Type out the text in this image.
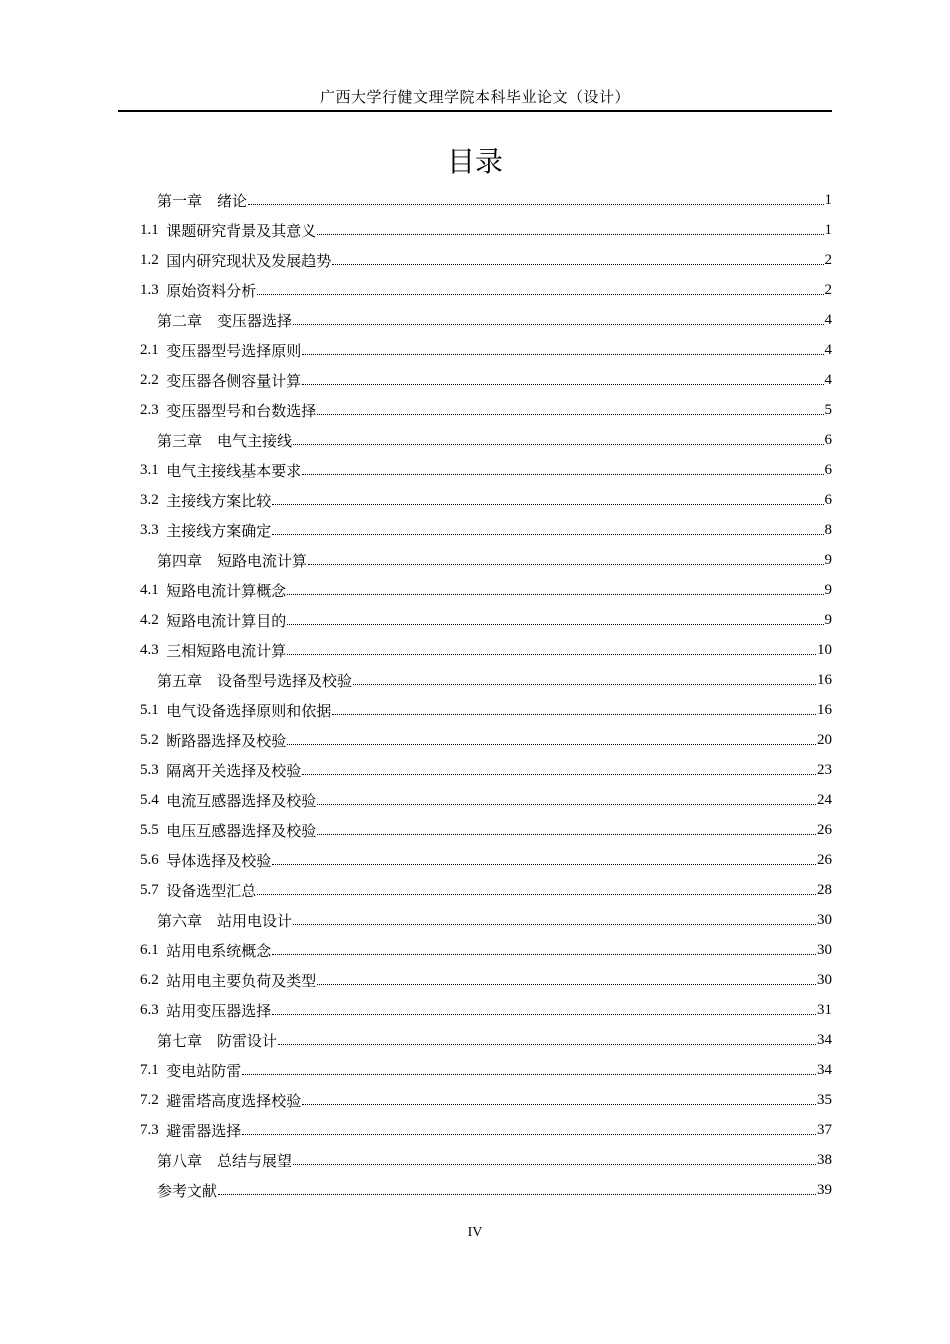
广西大学行健文理学院本科毕业论文（设计）
目录
第一章　 绪论	1
1.1 课题研究背景及其意义	1
1.2 国内研究现状及发展趋势	2
1.3 原始资料分析	2
第二章　 变压器选择	4
2.1 变压器型号选择原则	4
2.2 变压器各侧容量计算	4
2.3 变压器型号和台数选择	5
第三章　 电气主接线	6
3.1 电气主接线基本要求	6
3.2 主接线方案比较	6
3.3 主接线方案确定	8
第四章　 短路电流计算	9
4.1 短路电流计算概念	9
4.2 短路电流计算目的	9
4.3 三相短路电流计算	10
第五章　 设备型号选择及校验	16
5.1 电气设备选择原则和依据	16
5.2 断路器选择及校验	20
5.3 隔离开关选择及校验	23
5.4 电流互感器选择及校验	24
5.5 电压互感器选择及校验	26
5.6 导体选择及校验	26
5.7 设备选型汇总	28
第六章　 站用电设计	30
6.1 站用电系统概念	30
6.2 站用电主要负荷及类型	30
6.3 站用变压器选择	31
第七章　 防雷设计	34
7.1 变电站防雷	34
7.2 避雷塔高度选择校验	35
7.3 避雷器选择	37
第八章　 总结与展望	38
参考文献	39
IV
